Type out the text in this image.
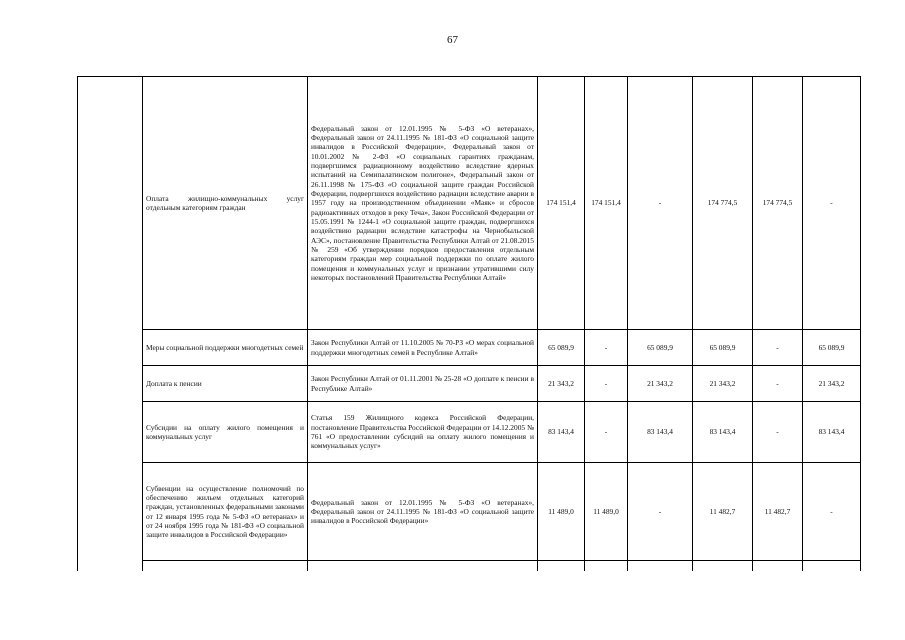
67
	Оплата жилищно-коммунальных услуг отдельным категориям граждан	Федеральный закон от 12.01.1995 № 5-ФЗ «О ветеранах», Федеральный закон от 24.11.1995 № 181-ФЗ «О социальной защите инвалидов в Российской Федерации», Федеральный закон от 10.01.2002 № 2-ФЗ «О социальных гарантиях гражданам, подвергшимся радиационному воздействию вследствие ядерных испытаний на Семипалатинском полигоне», Федеральный закон от 26.11.1998 № 175-ФЗ «О социальной защите граждан Российской Федерации, подвергшихся воздействию радиации вследствие аварии в 1957 году на производственном объединении «Маяк» и сбросов радиоактивных отходов в реку Теча», Закон Российской Федерации от 15.05.1991 № 1244-1 «О социальной защите граждан, подвергшихся воздействию радиации вследствие катастрофы на Чернобыльской АЭС», постановление Правительства Республики Алтай от 21.08.2015 № 259 «Об утверждении порядков предоставления отдельным категориям граждан мер социальной поддержки по оплате жилого помещения и коммунальных услуг и признании утратившими силу некоторых постановлений Правительства Республики Алтай»	174 151,4	174 151,4	-	174 774,5	174 774,5	-
	Меры социальной поддержки многодетных семей	Закон Республики Алтай от 11.10.2005 № 70-РЗ «О мерах социальной поддержки многодетных семей в Республике Алтай»	65 089,9	-	65 089,9	65 089,9	-	65 089,9
	Доплата к пенсии	Закон Республики Алтай от 01.11.2001 № 25-28 «О доплате к пенсии в Республике Алтай»	21 343,2	-	21 343,2	21 343,2	-	21 343,2
	Субсидии на оплату жилого помещения и коммунальных услуг	Статья 159 Жилищного кодекса Российской Федерации, постановление Правительства Российской Федерации от 14.12.2005 № 761 «О предоставлении субсидий на оплату жилого помещения и коммунальных услуг»	83 143,4	-	83 143,4	83 143,4	-	83 143,4
	Субвенции на осуществление полномочий по обеспечению жильем отдельных категорий граждан, установленных федеральными законами от 12 января 1995 года № 5-ФЗ «О ветеранах» и от 24 ноября 1995 года № 181-ФЗ «О социальной защите инвалидов в Российской Федерации»	Федеральный закон от 12.01.1995 № 5-ФЗ «О ветеранах», Федеральный закон от 24.11.1995 № 181-ФЗ «О социальной защите инвалидов в Российской Федерации»	11 489,0	11 489,0	-	11 482,7	11 482,7	-
